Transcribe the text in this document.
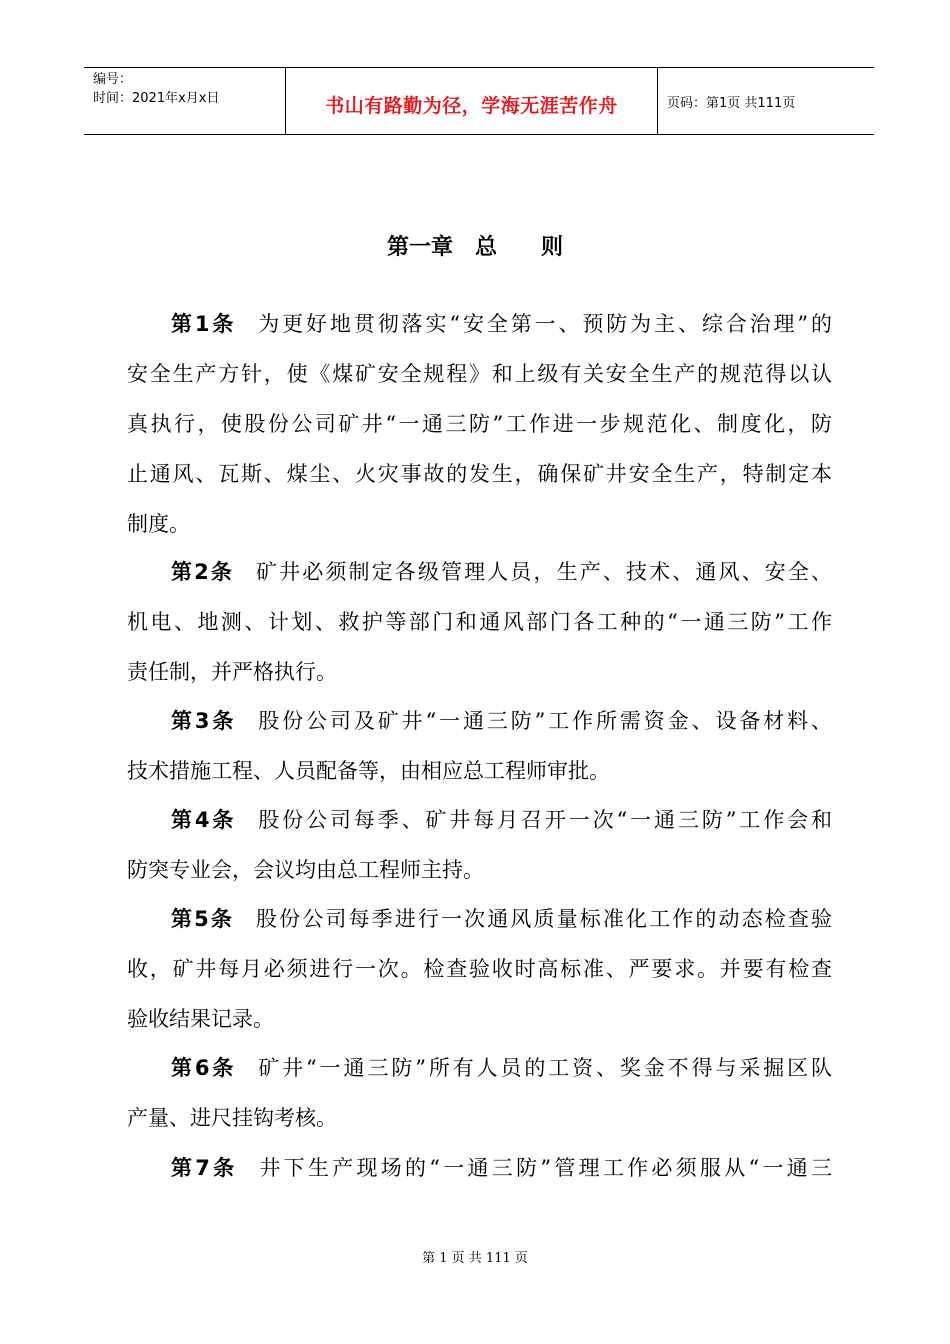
编号：
时间：2021年x月x日	书山有路勤为径，学海无涯苦作舟	页码：第1页 共111页
第一章　总　　则
第1条 为更好地贯彻落实“安全第一、预防为主、综合治理”的
安全生产方针，使《煤矿安全规程》和上级有关安全生产的规范得以认
真执行，使股份公司矿井“一通三防”工作进一步规范化、制度化，防
止通风、瓦斯、煤尘、火灾事故的发生，确保矿井安全生产，特制定本
制度。
第2条 矿井必须制定各级管理人员，生产、技术、通风、安全、
机电、地测、计划、救护等部门和通风部门各工种的“一通三防”工作
责任制，并严格执行。
第3条 股份公司及矿井“一通三防”工作所需资金、设备材料、
技术措施工程、人员配备等，由相应总工程师审批。
第4条 股份公司每季、矿井每月召开一次“一通三防”工作会和
防突专业会，会议均由总工程师主持。
第5条 股份公司每季进行一次通风质量标准化工作的动态检查验
收，矿井每月必须进行一次。检查验收时高标准、严要求。并要有检查
验收结果记录。
第6条 矿井“一通三防”所有人员的工资、奖金不得与采掘区队
产量、进尺挂钩考核。
第7条 井下生产现场的“一通三防”管理工作必须服从“一通三
第 1 页 共 111 页
